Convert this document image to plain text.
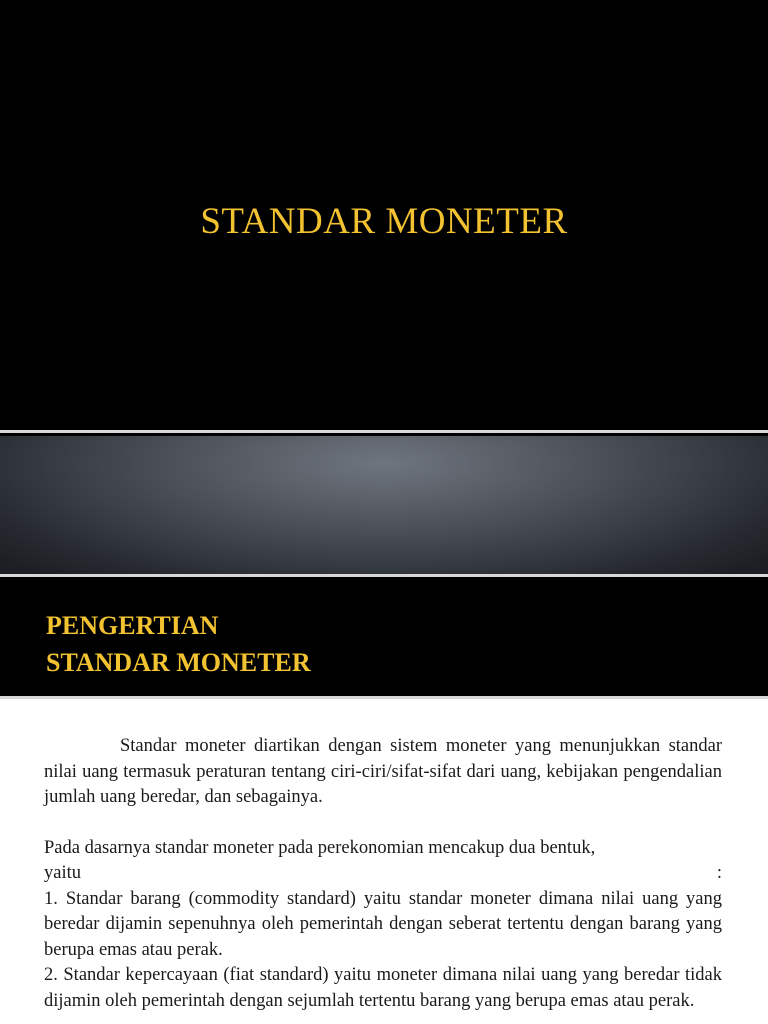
STANDAR MONETER
PENGERTIAN
STANDAR MONETER

Standar moneter diartikan dengan sistem moneter yang menunjukkan standar nilai uang termasuk peraturan tentang ciri-ciri/sifat-sifat dari uang, kebijakan pengendalian jumlah uang beredar, dan sebagainya.

Pada dasarnya standar moneter pada perekonomian mencakup dua bentuk,

yaitu	:

1. Standar barang (commodity standard) yaitu standar moneter dimana nilai uang yang beredar dijamin sepenuhnya oleh pemerintah dengan seberat tertentu dengan barang yang berupa emas atau perak.

2. Standar kepercayaan (fiat standard) yaitu moneter dimana nilai uang yang beredar tidak dijamin oleh pemerintah dengan sejumlah tertentu barang yang berupa emas atau perak.
